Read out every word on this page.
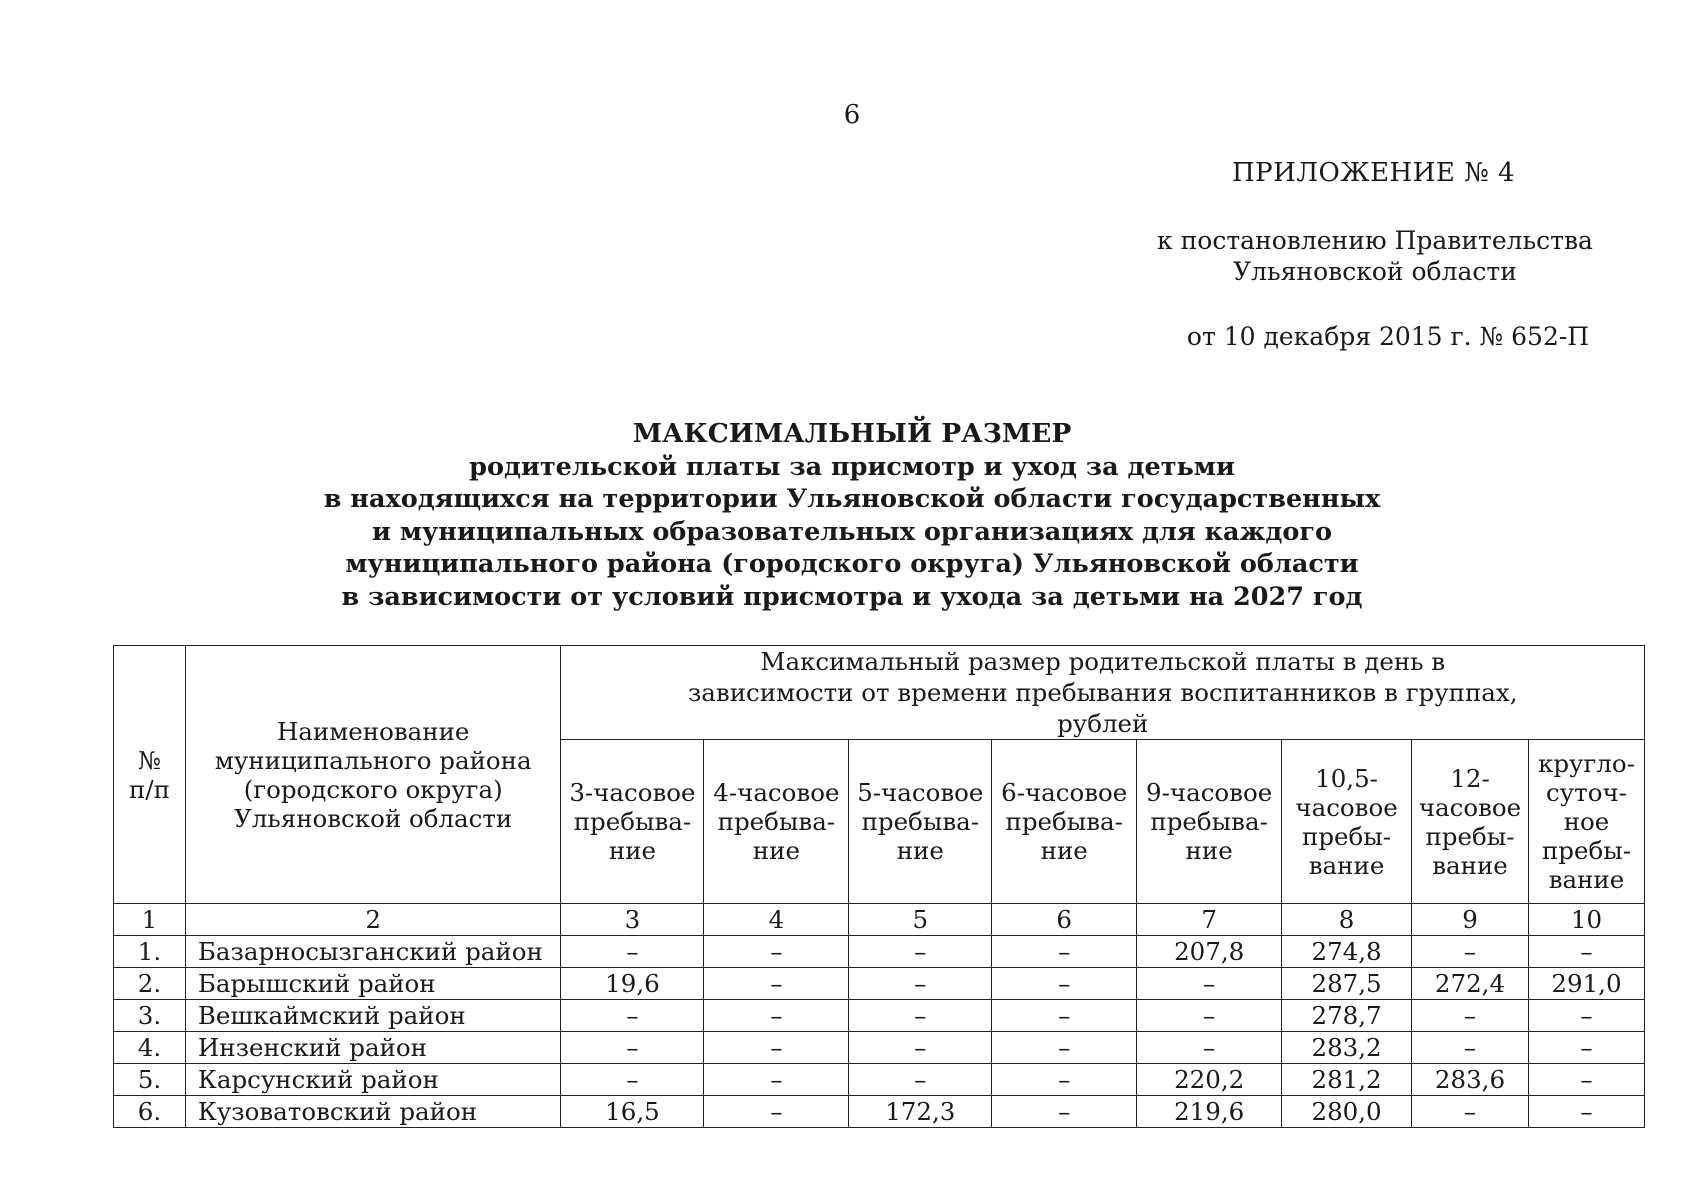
6
ПРИЛОЖЕНИЕ № 4
к постановлению Правительства
Ульяновской области
от 10 декабря 2015 г. № 652-П
МАКСИМАЛЬНЫЙ РАЗМЕР
родительской платы за присмотр и уход за детьми
в находящихся на территории Ульяновской области государственных
и муниципальных образовательных организациях для каждого
муниципального района (городского округа) Ульяновской области
в зависимости от условий присмотра и ухода за детьми на 2027 год
№ п/п	Наименование муниципального района (городского округа) Ульяновской области	Максимальный размер родительской платы в день в зависимости от времени пребывания воспитанников в группах, рублей							
		3-часовое пребыва-ние	4-часовое пребыва-ние	5-часовое пребыва-ние	6-часовое пребыва-ние	9-часовое пребыва-ние	10,5-часовое пребы-вание	12-часовое пребы-вание	кругло-суточ-ное пребы-вание
1	2	3	4	5	6	7	8	9	10
1.	Базарносызганский район	–	–	–	–	207,8	274,8	–	–
2.	Барышский район	19,6	–	–	–	–	287,5	272,4	291,0
3.	Вешкаймский район	–	–	–	–	–	278,7	–	–
4.	Инзенский район	–	–	–	–	–	283,2	–	–
5.	Карсунский район	–	–	–	–	220,2	281,2	283,6	–
6.	Кузоватовский район	16,5	–	172,3	–	219,6	280,0	–	–
